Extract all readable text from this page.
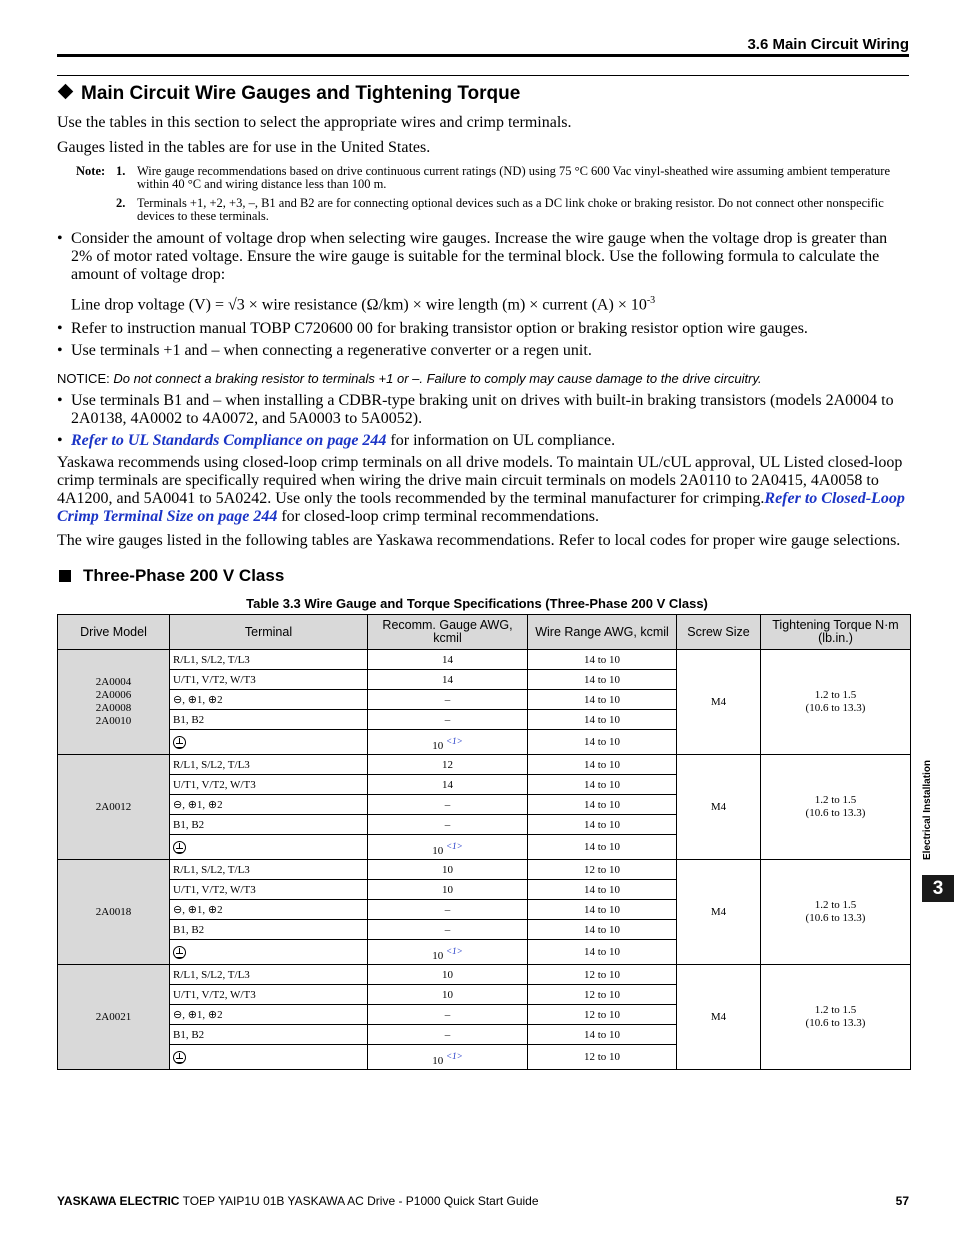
3.6 Main Circuit Wiring
Main Circuit Wire Gauges and Tightening Torque
Use the tables in this section to select the appropriate wires and crimp terminals.
Gauges listed in the tables are for use in the United States.
Note: 1. Wire gauge recommendations based on drive continuous current ratings (ND) using 75 °C 600 Vac vinyl-sheathed wire assuming ambient temperature within 40 °C and wiring distance less than 100 m.
2. Terminals +1, +2, +3, –, B1 and B2 are for connecting optional devices such as a DC link choke or braking resistor. Do not connect other nonspecific devices to these terminals.
• Consider the amount of voltage drop when selecting wire gauges. Increase the wire gauge when the voltage drop is greater than 2% of motor rated voltage. Ensure the wire gauge is suitable for the terminal block. Use the following formula to calculate the amount of voltage drop:
Line drop voltage (V) = √3 × wire resistance (Ω/km) × wire length (m) × current $(A) \times 10^{-3}$
• Refer to instruction manual TOBP C720600 00 for braking transistor option or braking resistor option wire gauges.
• Use terminals +1 and – when connecting a regenerative converter or a regen unit.
NOTICE: Do not connect a braking resistor to terminals +1 or –. Failure to comply may cause damage to the drive circuitry.
• Use terminals B1 and – when installing a CDBR-type braking unit on drives with built-in braking transistors (models 2A0004 to 2A0138, 4A0002 to 4A0072, and 5A0003 to 5A0052).
• Refer to UL Standards Compliance on page 244 for information on UL compliance.

Yaskawa recommends using closed-loop crimp terminals on all drive models. To maintain UL/cUL approval, UL Listed closed-loop crimp terminals are specifically required when wiring the drive main circuit terminals on models 2A0110 to 2A0415, 4A0058 to 4A1200, and 5A0041 to 5A0242. Use only the tools recommended by the terminal manufacturer for crimping.Refer to Closed-Loop Crimp Terminal Size on page 244 for closed-loop crimp terminal recommendations.

The wire gauges listed in the following tables are Yaskawa recommendations. Refer to local codes for proper wire gauge selections.

Three-Phase 200 V Class
Table 3.3 Wire Gauge and Torque Specifications (Three-Phase 200 V Class)
Drive Model	Terminal	Recomm. Gauge AWG, kcmil	Wire Range AWG, kcmil	Screw Size	Tightening Torque N·m (lb.in.)
2A0004
2A0006
2A0008
2A0010	R/L1, S/L2, T/L3	14	14 to 10	M4	1.2 to 1.5
(10.6 to 13.3)
	U/T1, V/T2, W/T3	14	14 to 10		
	⊖, ⊕1, ⊕2	–	14 to 10		
	B1, B2	–	14 to 10		
		10 $^{<1>}$	14 to 10		
2A0012	R/L1, S/L2, T/L3	12	14 to 10	M4	1.2 to 1.5
(10.6 to 13.3)
	U/T1, V/T2, W/T3	14	14 to 10		
	⊖, ⊕1, ⊕2	–	14 to 10		
	B1, B2	–	14 to 10		
		10 $^{<1>}$	14 to 10		
2A0018	R/L1, S/L2, T/L3	10	12 to 10	M4	1.2 to 1.5
(10.6 to 13.3)
	U/T1, V/T2, W/T3	10	14 to 10		
	⊖, ⊕1, ⊕2	–	14 to 10		
	B1, B2	–	14 to 10		
		10 $^{<1>}$	14 to 10		
2A0021	R/L1, S/L2, T/L3	10	12 to 10	M4	1.2 to 1.5
(10.6 to 13.3)
	U/T1, V/T2, W/T3	10	12 to 10		
	⊖, ⊕1, ⊕2	–	12 to 10		
	B1, B2	–	14 to 10		
		10 $^{<1>}$	12 to 10		
Electrical Installation
3
YASKAWA ELECTRIC TOEP YAIP1U 01B YASKAWA AC Drive - P1000 Quick Start Guide	57
